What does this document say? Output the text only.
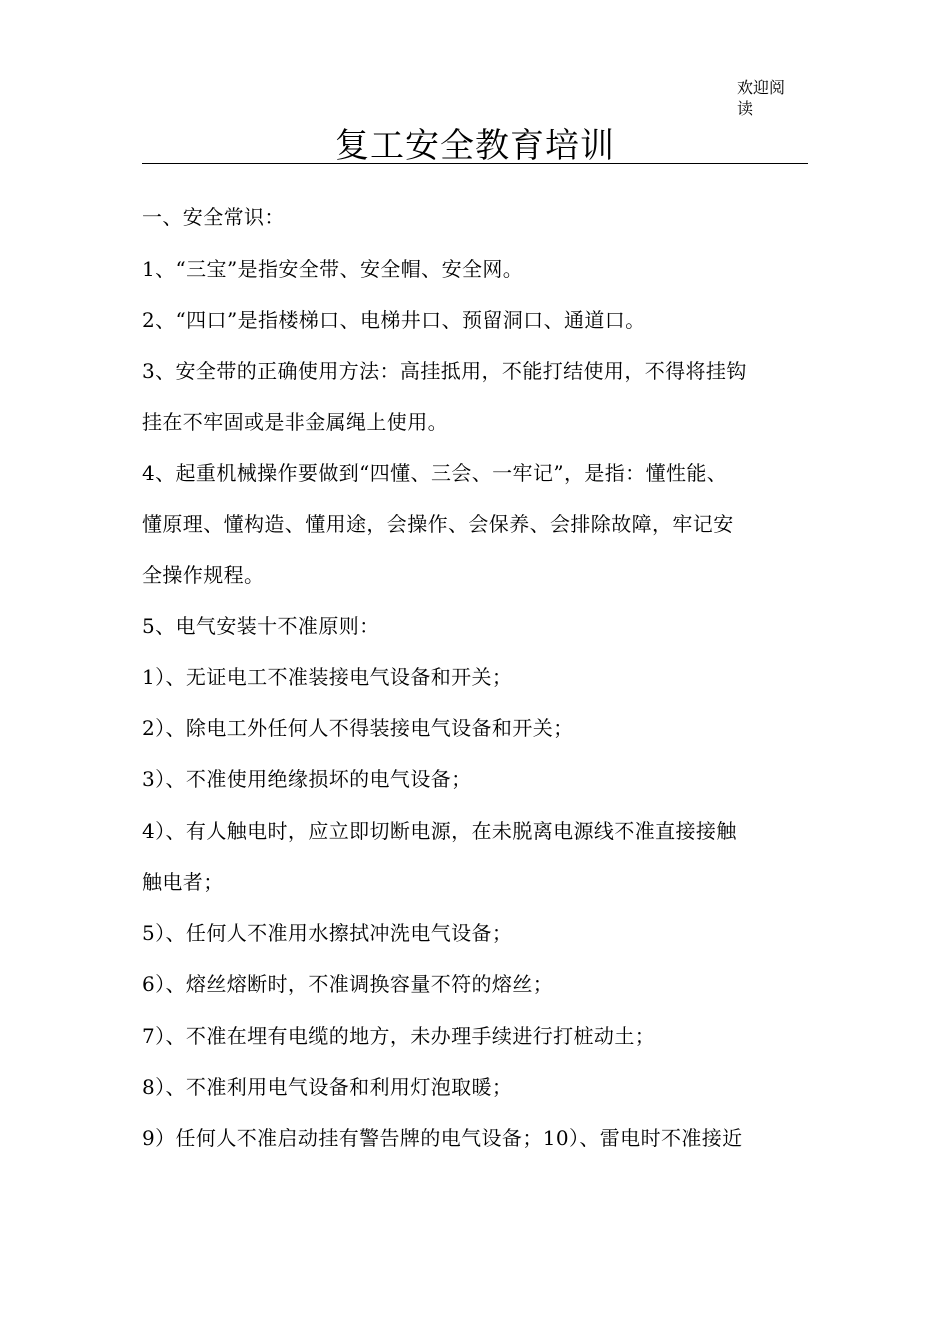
欢迎阅读
复工安全教育培训
一、安全常识：
1、“三宝”是指安全带、安全帽、安全网。
2、“四口”是指楼梯口、电梯井口、预留洞口、通道口。
3、安全带的正确使用方法：高挂抵用，不能打结使用，不得将挂钩
挂在不牢固或是非金属绳上使用。
4、起重机械操作要做到“四懂、三会、一牢记”，是指：懂性能、
懂原理、懂构造、懂用途，会操作、会保养、会排除故障，牢记安
全操作规程。
5、电气安装十不准原则：
1）、无证电工不准装接电气设备和开关；
2）、除电工外任何人不得装接电气设备和开关；
3）、不准使用绝缘损坏的电气设备；
4）、有人触电时，应立即切断电源，在未脱离电源线不准直接接触
触电者；
5）、任何人不准用水擦拭冲洗电气设备；
6）、熔丝熔断时，不准调换容量不符的熔丝；
7）、不准在埋有电缆的地方，未办理手续进行打桩动土；
8）、不准利用电气设备和利用灯泡取暖；
9）任何人不准启动挂有警告牌的电气设备；10）、雷电时不准接近
